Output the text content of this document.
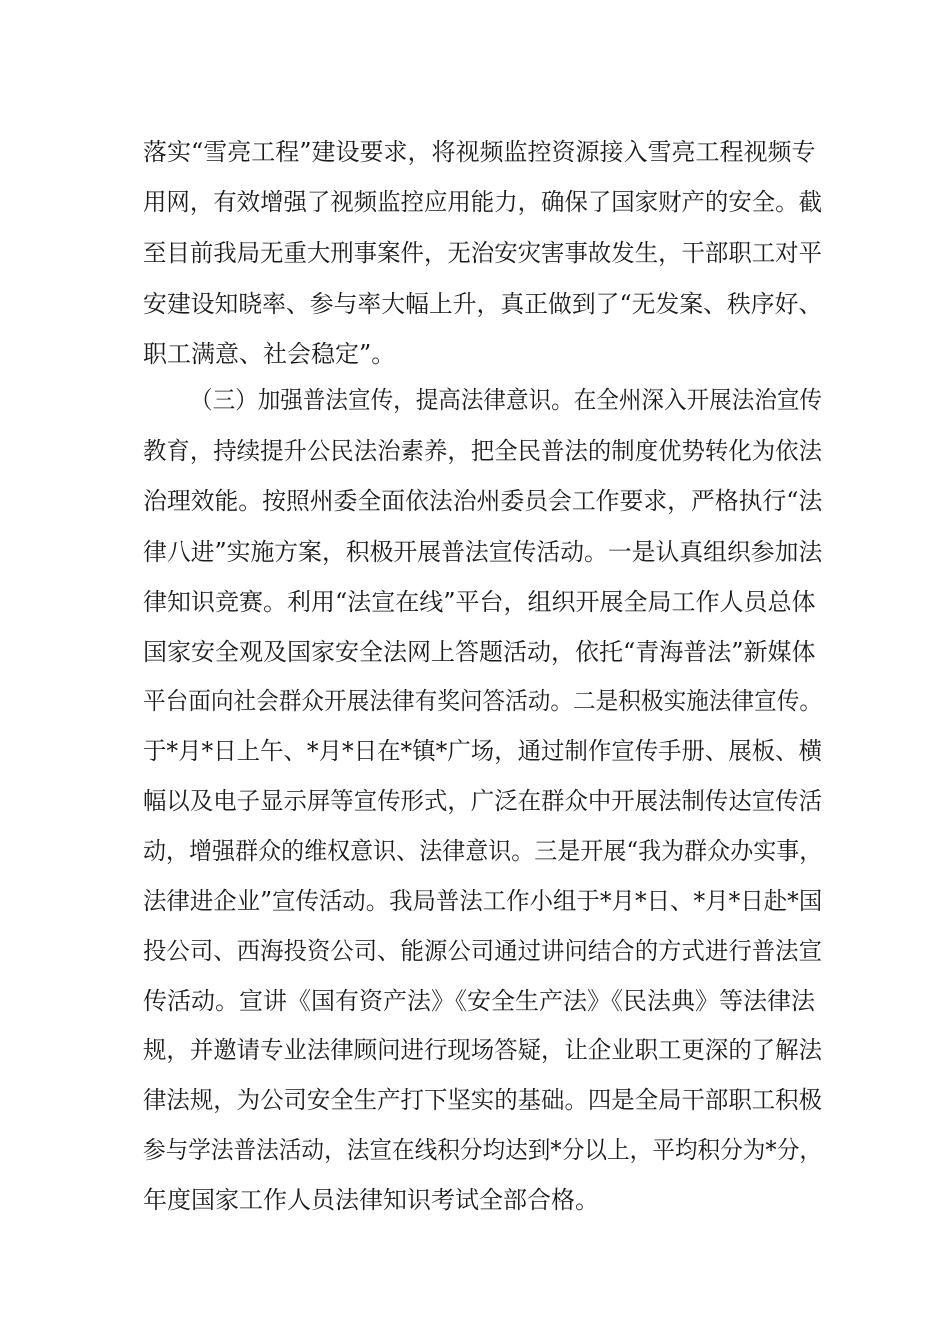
落实“雪亮工程”建设要求，将视频监控资源接入雪亮工程视频专
用网，有效增强了视频监控应用能力，确保了国家财产的安全。截
至目前我局无重大刑事案件，无治安灾害事故发生，干部职工对平
安建设知晓率、参与率大幅上升，真正做到了“无发案、秩序好、
职工满意、社会稳定”。
（三）加强普法宣传，提高法律意识。在全州深入开展法治宣传
教育，持续提升公民法治素养，把全民普法的制度优势转化为依法
治理效能。按照州委全面依法治州委员会工作要求，严格执行“法
律八进”实施方案，积极开展普法宣传活动。一是认真组织参加法
律知识竞赛。利用“法宣在线”平台，组织开展全局工作人员总体
国家安全观及国家安全法网上答题活动，依托“青海普法”新媒体
平台面向社会群众开展法律有奖问答活动。二是积极实施法律宣传。
于*月*日上午、*月*日在*镇*广场，通过制作宣传手册、展板、横
幅以及电子显示屏等宣传形式，广泛在群众中开展法制传达宣传活
动，增强群众的维权意识、法律意识。三是开展“我为群众办实事，
法律进企业”宣传活动。我局普法工作小组于*月*日、*月*日赴*国
投公司、西海投资公司、能源公司通过讲问结合的方式进行普法宣
传活动。宣讲《国有资产法》《安全生产法》《民法典》等法律法
规，并邀请专业法律顾问进行现场答疑，让企业职工更深的了解法
律法规，为公司安全生产打下坚实的基础。四是全局干部职工积极
参与学法普法活动，法宣在线积分均达到*分以上，平均积分为*分，
年度国家工作人员法律知识考试全部合格。
